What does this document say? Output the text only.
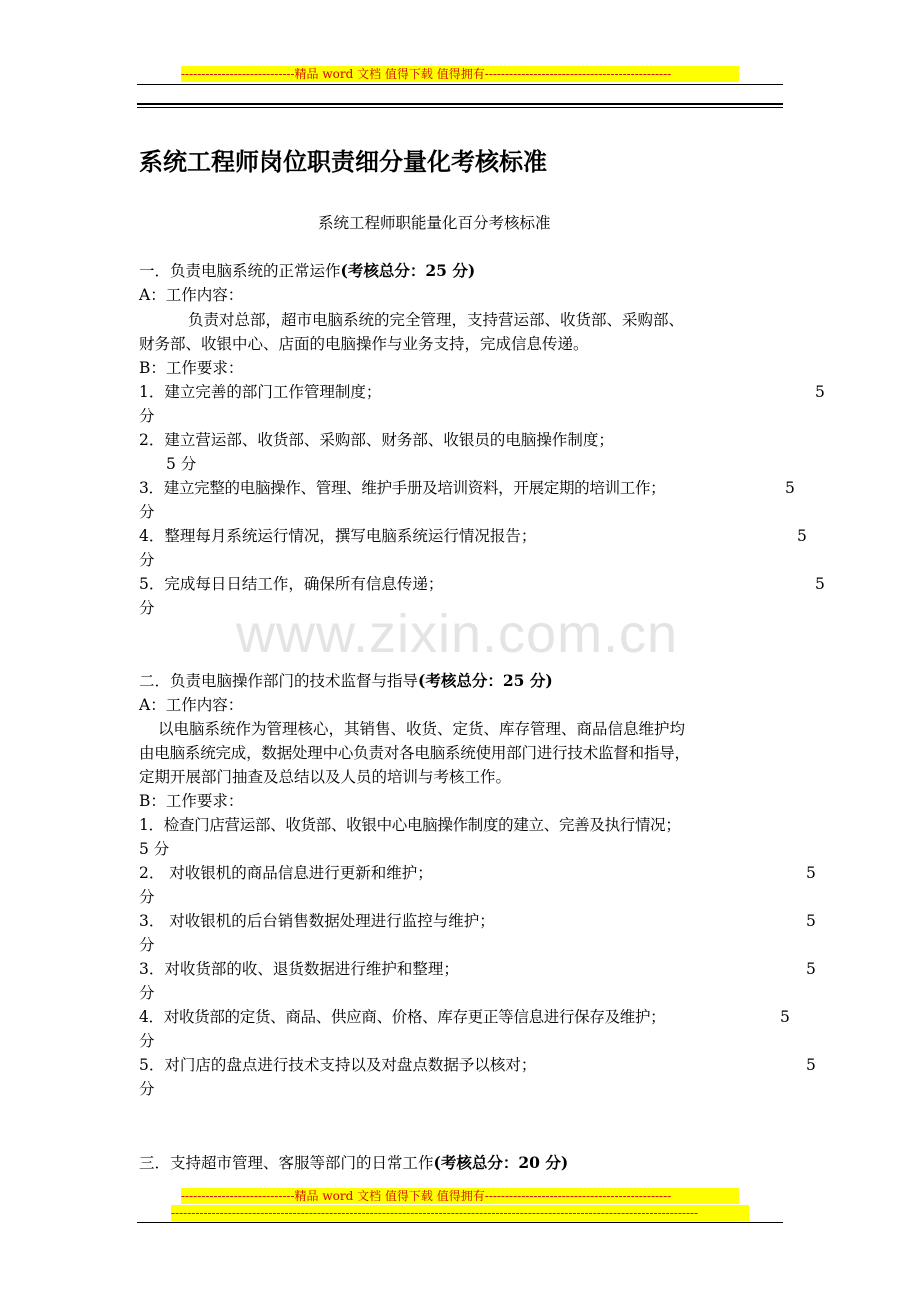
----------------------------精品 word 文档 值得下载 值得拥有----------------------------------------------
系统工程师岗位职责细分量化考核标准
系统工程师职能量化百分考核标准
一．负责电脑系统的正常运作(考核总分：25 分)
A：工作内容：
负责对总部，超市电脑系统的完全管理，支持营运部、收货部、采购部、
财务部、收银中心、店面的电脑操作与业务支持，完成信息传递。
B：工作要求：
1．建立完善的部门工作管理制度；	5
分
2．建立营运部、收货部、采购部、财务部、收银员的电脑操作制度；
5 分
3．建立完整的电脑操作、管理、维护手册及培训资料，开展定期的培训工作；	5
分
4．整理每月系统运行情况，撰写电脑系统运行情况报告；	5
分
5．完成每日日结工作，确保所有信息传递；	5
分 www.zixin.com.cn
二．负责电脑操作部门的技术监督与指导(考核总分：25 分)
A：工作内容：
以电脑系统作为管理核心，其销售、收货、定货、库存管理、商品信息维护均
由电脑系统完成，数据处理中心负责对各电脑系统使用部门进行技术监督和指导，
定期开展部门抽查及总结以及人员的培训与考核工作。
B：工作要求：
1．检查门店营运部、收货部、收银中心电脑操作制度的建立、完善及执行情况；
5 分
2． 对收银机的商品信息进行更新和维护；	5
分
3． 对收银机的后台销售数据处理进行监控与维护；	5
分
3．对收货部的收、退货数据进行维护和整理；	5
分
4．对收货部的定货、商品、供应商、价格、库存更正等信息进行保存及维护；	5
分
5．对门店的盘点进行技术支持以及对盘点数据予以核对；	5
分
三．支持超市管理、客服等部门的日常工作(考核总分：20 分)
----------------------------精品 word 文档 值得下载 值得拥有----------------------------------------------
----------------------------------------------------------------------------------------------------------------------------------
